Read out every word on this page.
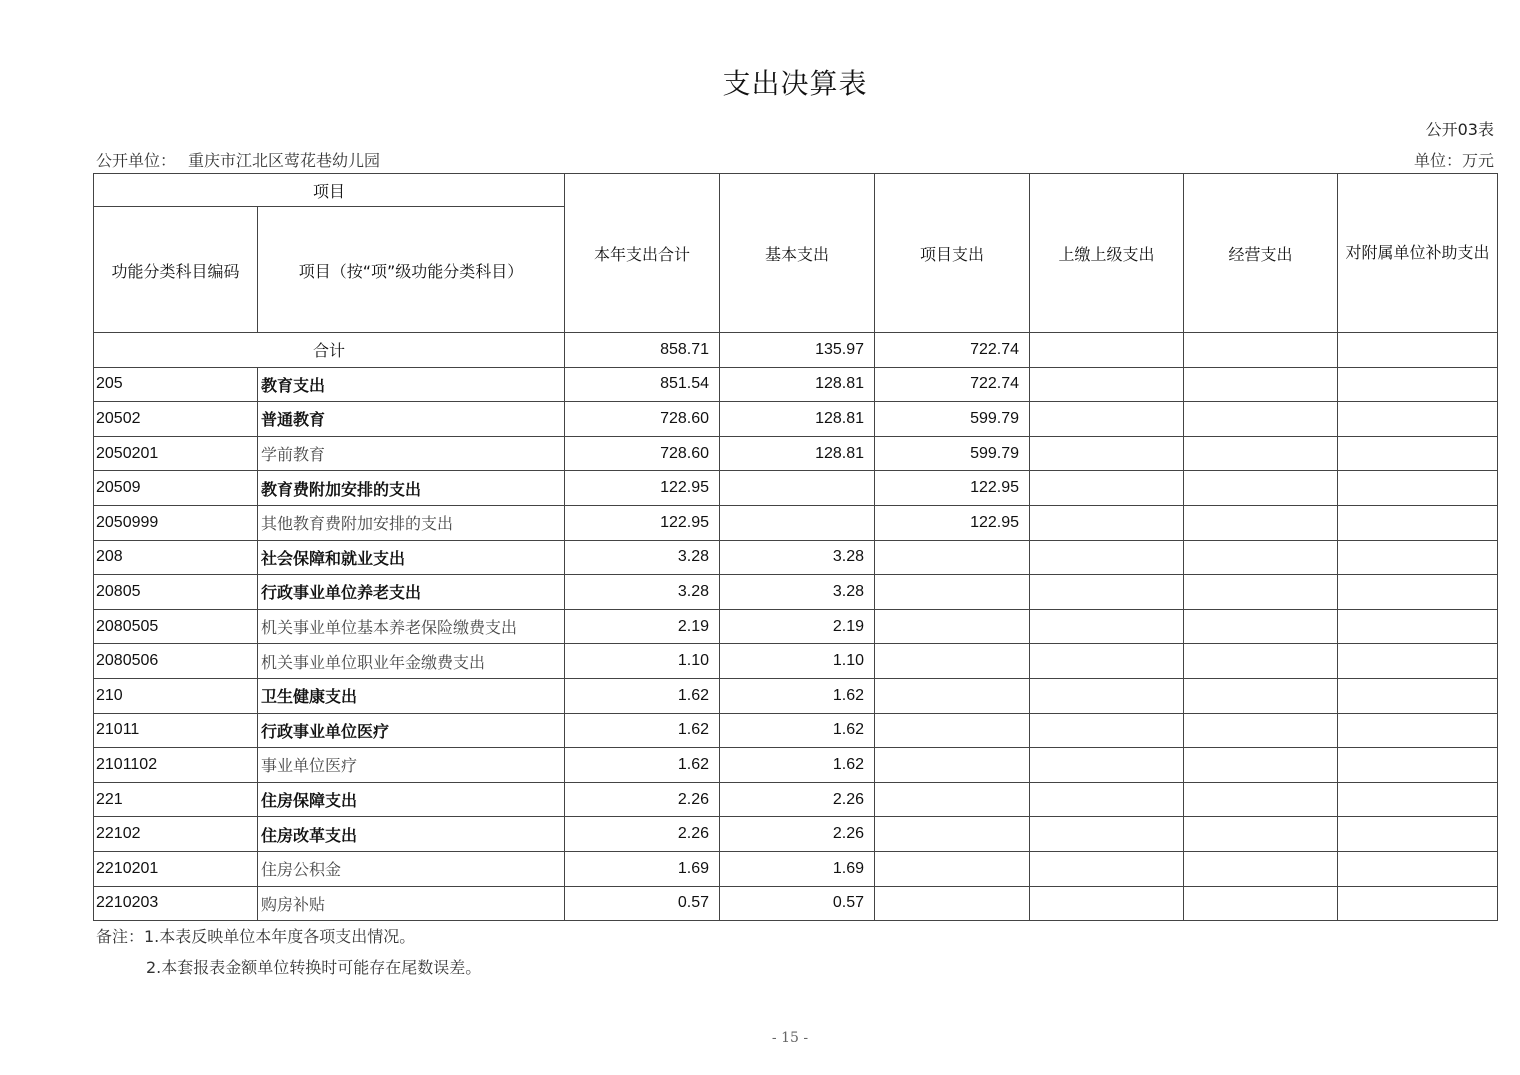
支出决算表
公开03表
公开单位： 重庆市江北区莺花巷幼儿园	单位：万元
项目		本年支出合计	基本支出	项目支出	上缴上级支出	经营支出	对附属单位补助支出
功能分类科目编码	项目（按“项”级功能分类科目）						
合计		858.71	135.97	722.74			
205	教育支出	851.54	128.81	722.74			
20502	普通教育	728.60	128.81	599.79			
2050201	学前教育	728.60	128.81	599.79			
20509	教育费附加安排的支出	122.95		122.95			
2050999	其他教育费附加安排的支出	122.95		122.95			
208	社会保障和就业支出	3.28	3.28				
20805	行政事业单位养老支出	3.28	3.28				
2080505	机关事业单位基本养老保险缴费支出	2.19	2.19				
2080506	机关事业单位职业年金缴费支出	1.10	1.10				
210	卫生健康支出	1.62	1.62				
21011	行政事业单位医疗	1.62	1.62				
2101102	事业单位医疗	1.62	1.62				
221	住房保障支出	2.26	2.26				
22102	住房改革支出	2.26	2.26				
2210201	住房公积金	1.69	1.69				
2210203	购房补贴	0.57	0.57				
备注：1.本表反映单位本年度各项支出情况。
2.本套报表金额单位转换时可能存在尾数误差。
- 15 -
